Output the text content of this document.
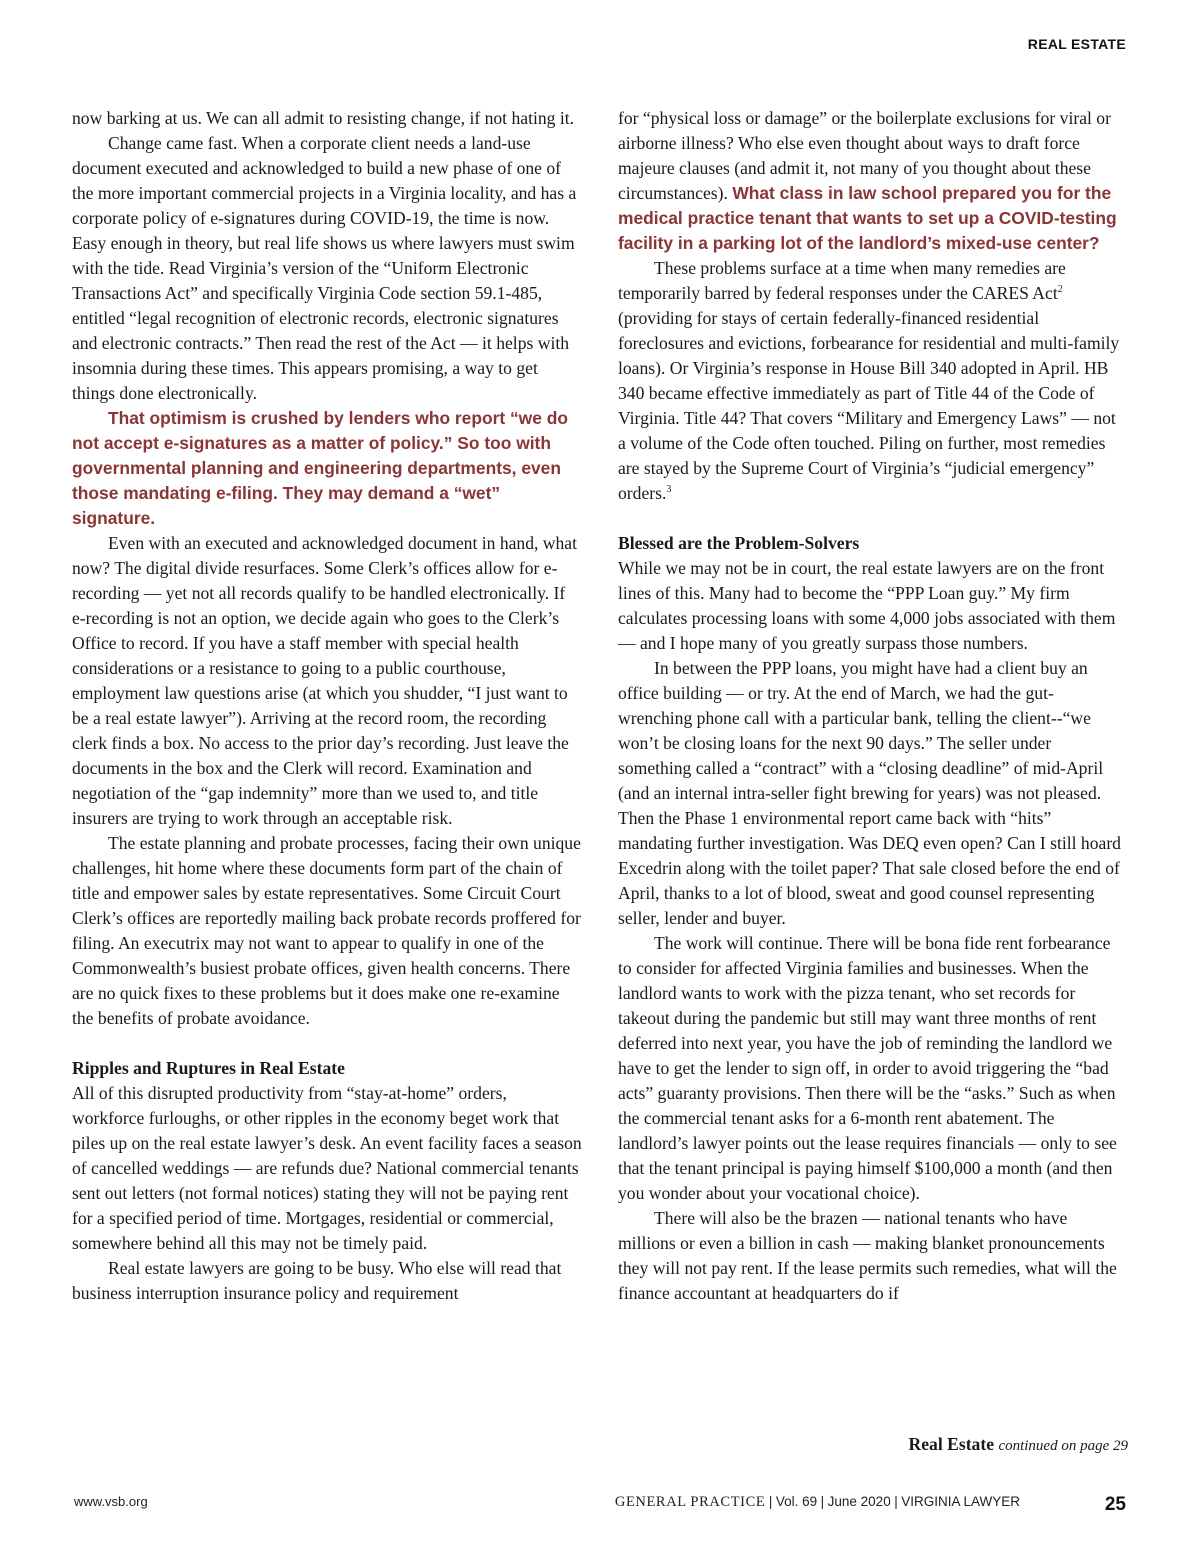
REAL ESTATE

now barking at us. We can all admit to resisting change, if not hating it.

Change came fast. When a corporate client needs a land-use document executed and acknowledged to build a new phase of one of the more important commercial projects in a Virginia locality, and has a corporate policy of e-signatures during COVID-19, the time is now. Easy enough in theory, but real life shows us where lawyers must swim with the tide. Read Virginia’s version of the “Uniform Electronic Transactions Act” and specifically Virginia Code section 59.1-485, entitled “legal recognition of electronic records, electronic signatures and electronic contracts.” Then read the rest of the Act — it helps with insomnia during these times. This appears promising, a way to get things done electronically.

That optimism is crushed by lenders who report “we do not accept e-signatures as a matter of policy.” So too with governmental planning and engineering departments, even those mandating e-filing. They may demand a “wet” signature.

Even with an executed and acknowledged document in hand, what now? The digital divide resurfaces. Some Clerk’s offices allow for e-recording — yet not all records qualify to be handled electronically. If e-recording is not an option, we decide again who goes to the Clerk’s Office to record. If you have a staff member with special health considerations or a resistance to going to a public courthouse, employment law questions arise (at which you shudder, “I just want to be a real estate lawyer”). Arriving at the record room, the recording clerk finds a box. No access to the prior day’s recording. Just leave the documents in the box and the Clerk will record. Examination and negotiation of the “gap indemnity” more than we used to, and title insurers are trying to work through an acceptable risk.

The estate planning and probate processes, facing their own unique challenges, hit home where these documents form part of the chain of title and empower sales by estate representatives. Some Circuit Court Clerk’s offices are reportedly mailing back probate records proffered for filing. An executrix may not want to appear to qualify in one of the Commonwealth’s busiest probate offices, given health concerns. There are no quick fixes to these problems but it does make one re-examine the benefits of probate avoidance.

Ripples and Ruptures in Real Estate

All of this disrupted productivity from “stay-at-home” orders, workforce furloughs, or other ripples in the economy beget work that piles up on the real estate lawyer’s desk. An event facility faces a season of cancelled weddings — are refunds due? National commercial tenants sent out letters (not formal notices) stating they will not be paying rent for a specified period of time. Mortgages, residential or commercial, somewhere behind all this may not be timely paid.

Real estate lawyers are going to be busy. Who else will read that business interruption insurance policy and requirement

for “physical loss or damage” or the boilerplate exclusions for viral or airborne illness? Who else even thought about ways to draft force majeure clauses (and admit it, not many of you thought about these circumstances). What class in law school prepared you for the medical practice tenant that wants to set up a COVID-testing facility in a parking lot of the landlord’s mixed-use center?

These problems surface at a time when many remedies are temporarily barred by federal responses under the CARES Act$^2$ (providing for stays of certain federally-financed residential foreclosures and evictions, forbearance for residential and multi-family loans). Or Virginia’s response in House Bill 340 adopted in April. HB 340 became effective immediately as part of Title 44 of the Code of Virginia. Title 44? That covers “Military and Emergency Laws” — not a volume of the Code often touched. Piling on further, most remedies are stayed by the Supreme Court of Virginia’s “judicial emergency” orders.$^3$

Blessed are the Problem-Solvers

While we may not be in court, the real estate lawyers are on the front lines of this. Many had to become the “PPP Loan guy.” My firm calculates processing loans with some 4,000 jobs associated with them — and I hope many of you greatly surpass those numbers.

In between the PPP loans, you might have had a client buy an office building — or try. At the end of March, we had the gut-wrenching phone call with a particular bank, telling the client--“we won’t be closing loans for the next 90 days.” The seller under something called a “contract” with a “closing deadline” of mid-April (and an internal intra-seller fight brewing for years) was not pleased. Then the Phase 1 environmental report came back with “hits” mandating further investigation. Was DEQ even open? Can I still hoard Excedrin along with the toilet paper? That sale closed before the end of April, thanks to a lot of blood, sweat and good counsel representing seller, lender and buyer.

The work will continue. There will be bona fide rent forbearance to consider for affected Virginia families and businesses. When the landlord wants to work with the pizza tenant, who set records for takeout during the pandemic but still may want three months of rent deferred into next year, you have the job of reminding the landlord we have to get the lender to sign off, in order to avoid triggering the “bad acts” guaranty provisions. Then there will be the “asks.” Such as when the commercial tenant asks for a 6-month rent abatement. The landlord’s lawyer points out the lease requires financials — only to see that the tenant principal is paying himself $100,000 a month (and then you wonder about your vocational choice).

There will also be the brazen — national tenants who have millions or even a billion in cash — making blanket pronouncements they will not pay rent. If the lease permits such remedies, what will the finance accountant at headquarters do if

Real Estate continued on page 29
www.vsb.org	GENERAL PRACTICE | Vol. 69 | June 2020 | VIRGINIA LAWYER	25
